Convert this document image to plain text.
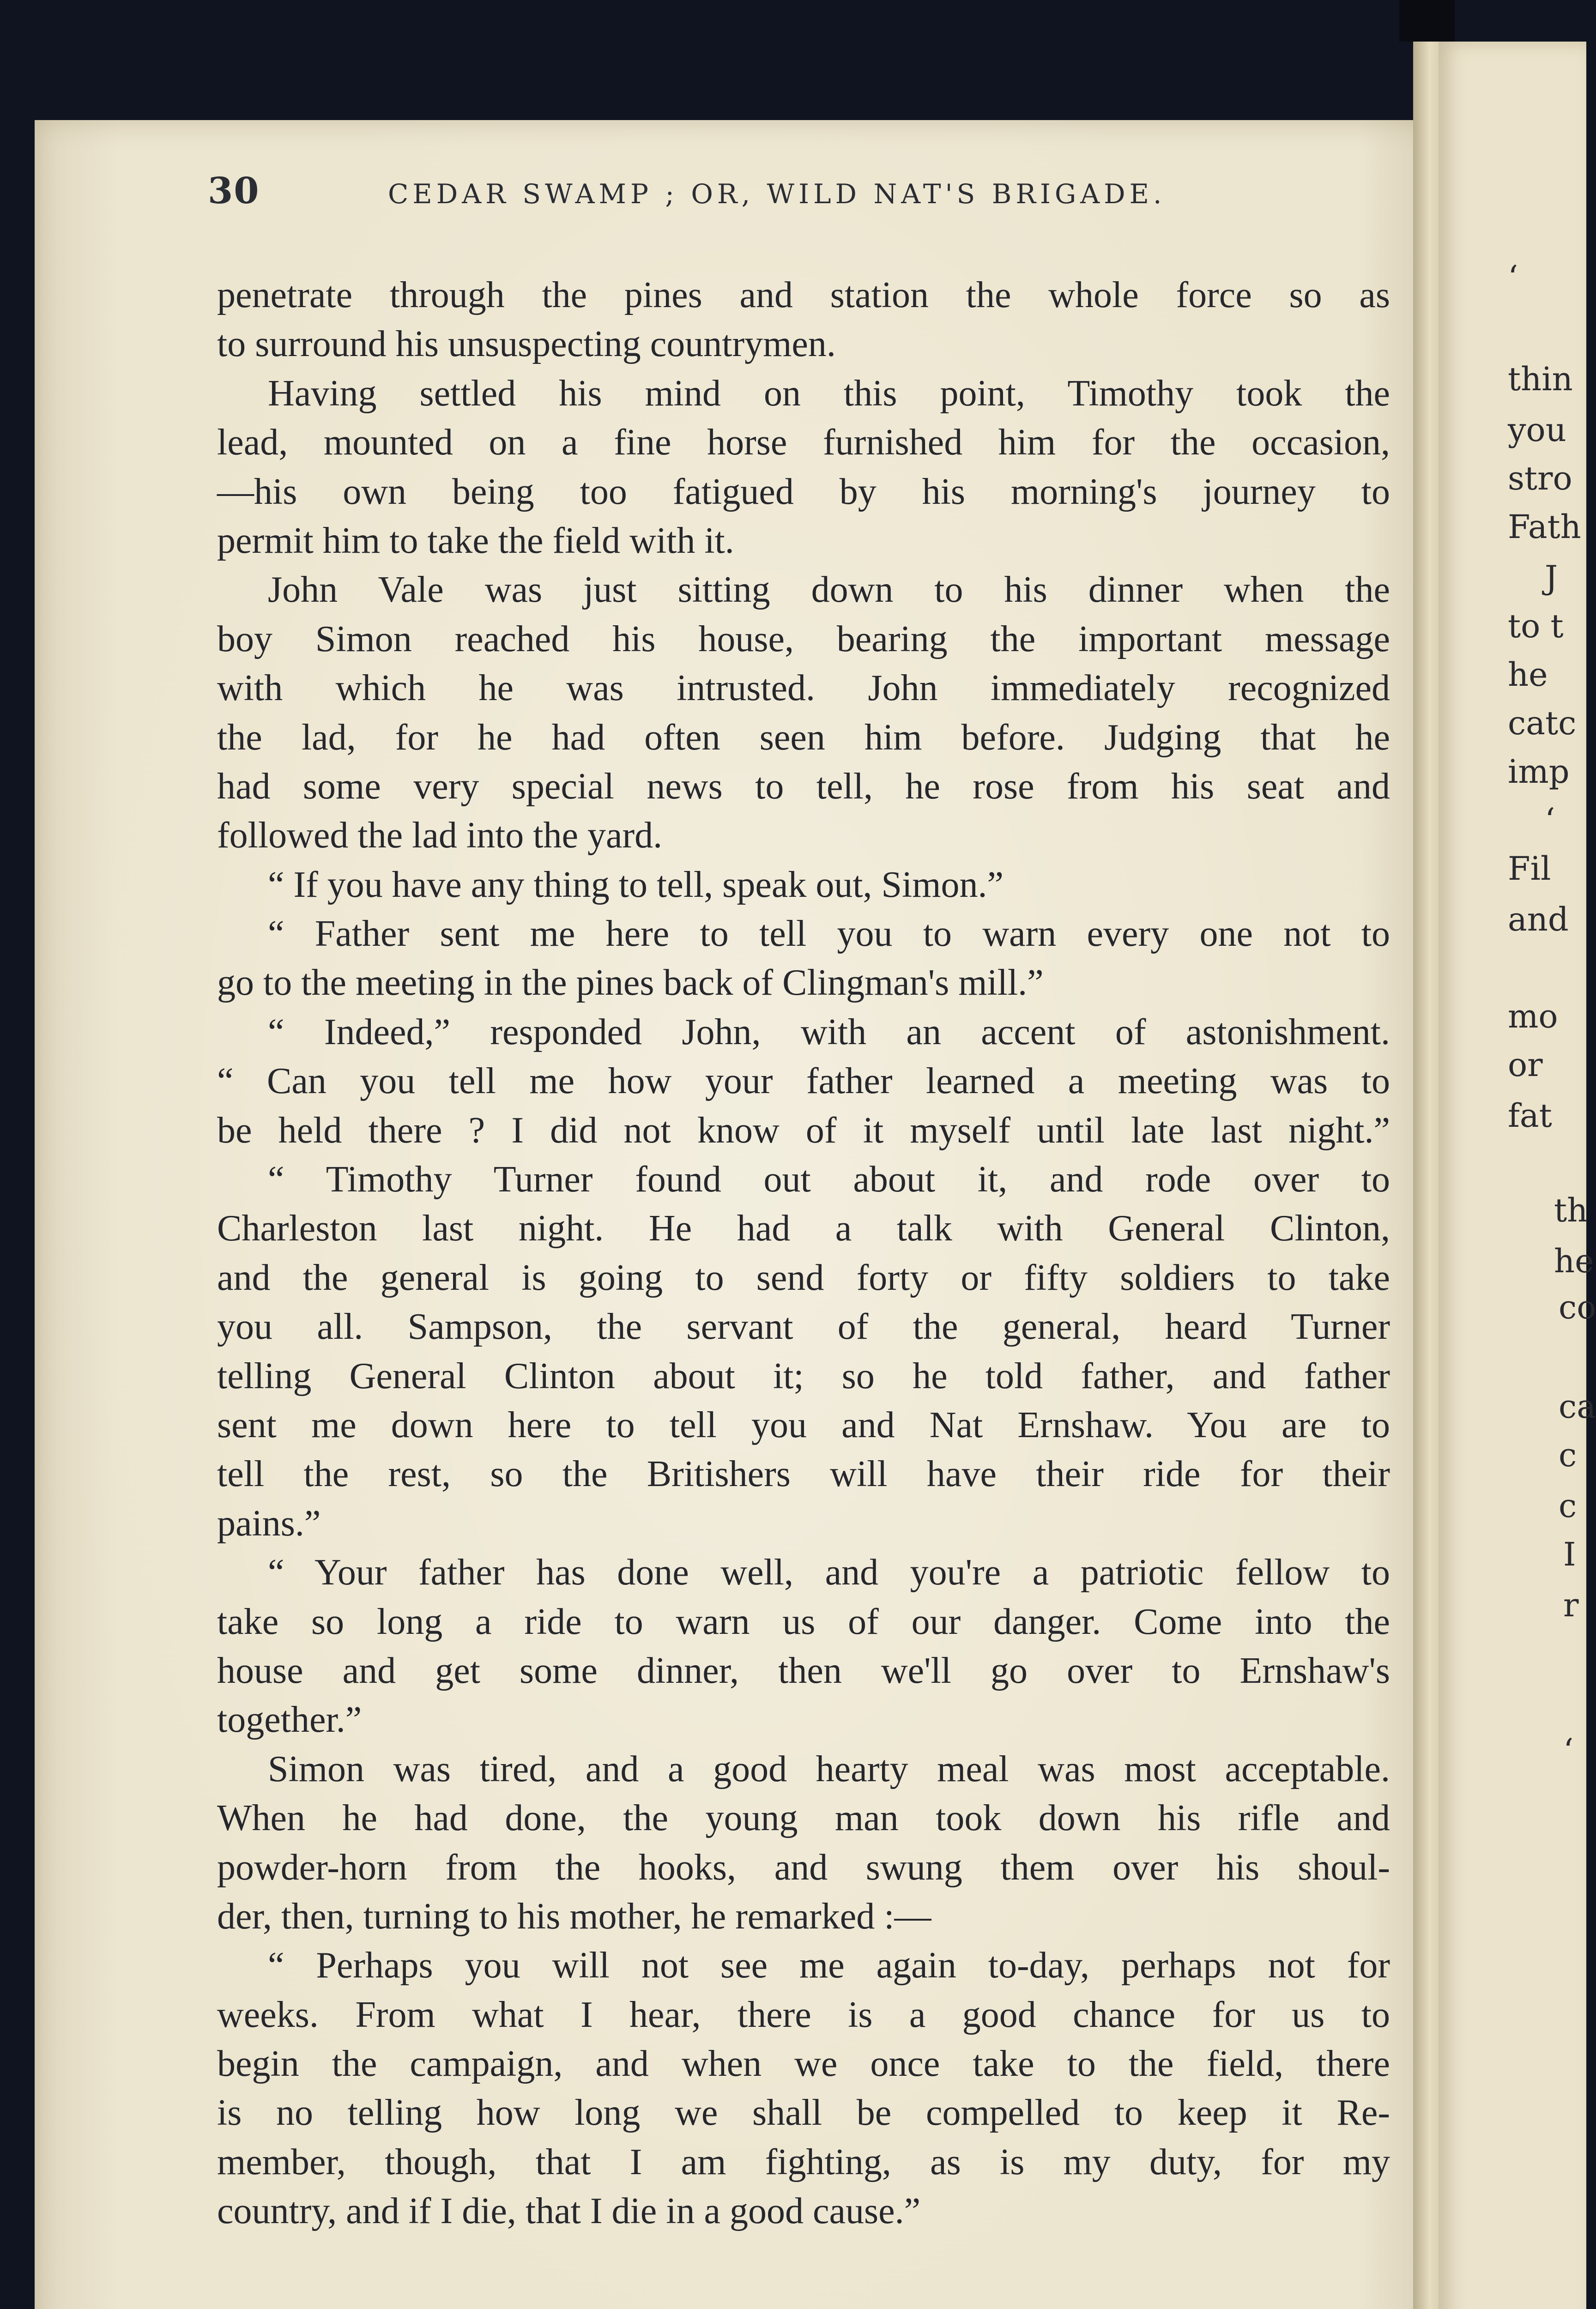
‘
thin
you
stro
Fath
J
to t
he
catc
imp
‘
Fil
and
mo
or
fat
th
he
co
ca
c
c
I
r
‘
30	CEDAR SWAMP ; OR, WILD NAT'S BRIGADE.
penetrate through the pines and station the whole force so as
to surround his unsuspecting countrymen.
Having settled his mind on this point, Timothy took the
lead, mounted on a fine horse furnished him for the occasion,
—his own being too fatigued by his morning's journey to
permit him to take the field with it.
John Vale was just sitting down to his dinner when the
boy Simon reached his house, bearing the important message
with which he was intrusted. John immediately recognized
the lad, for he had often seen him before. Judging that he
had some very special news to tell, he rose from his seat and
followed the lad into the yard.
“ If you have any thing to tell, speak out, Simon.”
“ Father sent me here to tell you to warn every one not to
go to the meeting in the pines back of Clingman's mill.”
“ Indeed,” responded John, with an accent of astonishment.
“ Can you tell me how your father learned a meeting was to
be held there ? I did not know of it myself until late last night.”
“ Timothy Turner found out about it, and rode over to
Charleston last night. He had a talk with General Clinton,
and the general is going to send forty or fifty soldiers to take
you all. Sampson, the servant of the general, heard Turner
telling General Clinton about it; so he told father, and father
sent me down here to tell you and Nat Ernshaw. You are to
tell the rest, so the Britishers will have their ride for their
pains.”
“ Your father has done well, and you're a patriotic fellow to
take so long a ride to warn us of our danger. Come into the
house and get some dinner, then we'll go over to Ernshaw's
together.”
Simon was tired, and a good hearty meal was most acceptable.
When he had done, the young man took down his rifle and
powder-horn from the hooks, and swung them over his shoul-
der, then, turning to his mother, he remarked :—
“ Perhaps you will not see me again to-day, perhaps not for
weeks. From what I hear, there is a good chance for us to
begin the campaign, and when we once take to the field, there
is no telling how long we shall be compelled to keep it Re-
member, though, that I am fighting, as is my duty, for my
country, and if I die, that I die in a good cause.”
